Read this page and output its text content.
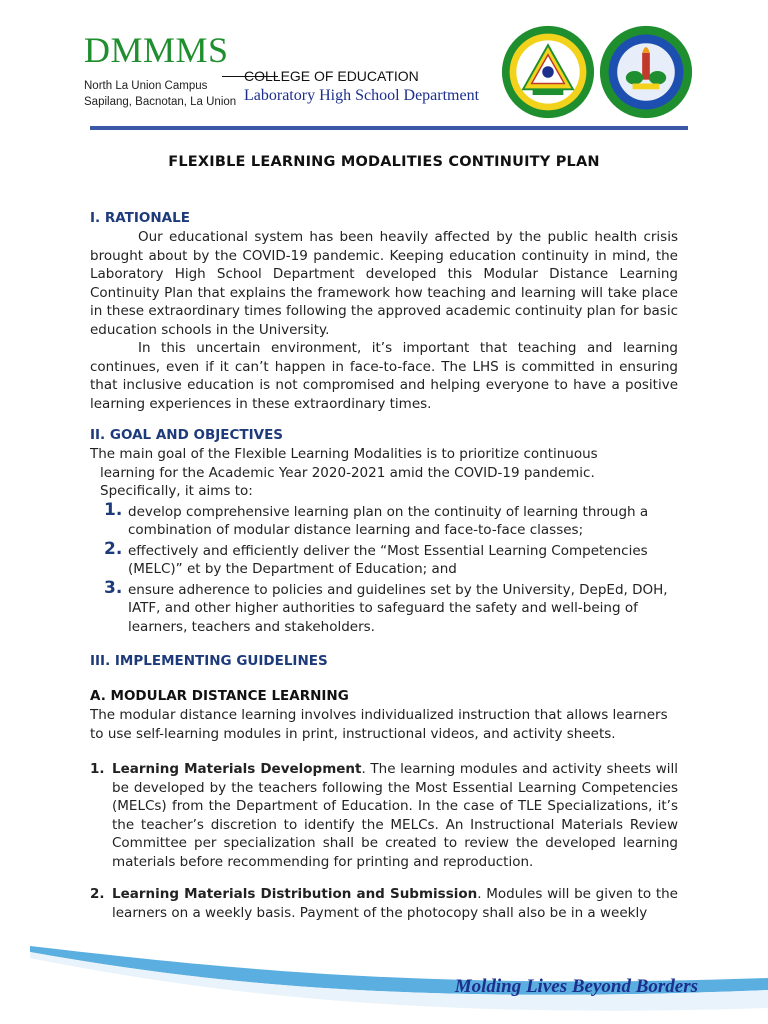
DMMMS
North La Union Campus
Sapilang, Bacnotan, La Union
COLLEGE OF EDUCATION
Laboratory High School Department
FLEXIBLE LEARNING MODALITIES CONTINUITY PLAN
I. RATIONALE

Our educational system has been heavily affected by the public health crisis brought about by the COVID-19 pandemic. Keeping education continuity in mind, the Laboratory High School Department developed this Modular Distance Learning Continuity Plan that explains the framework how teaching and learning will take place in these extraordinary times following the approved academic continuity plan for basic education schools in the University.

In this uncertain environment, it’s important that teaching and learning continues, even if it can’t happen in face-to-face. The LHS is committed in ensuring that inclusive education is not compromised and helping everyone to have a positive learning experiences in these extraordinary times.

II. GOAL AND OBJECTIVES

The main goal of the Flexible Learning Modalities is to prioritize continuous learning for the Academic Year 2020-2021 amid the COVID-19 pandemic.

Specifically, it aims to:

1. develop comprehensive learning plan on the continuity of learning through a combination of modular distance learning and face-to-face classes;
2. effectively and efficiently deliver the “Most Essential Learning Competencies (MELC)” et by the Department of Education; and
3. ensure adherence to policies and guidelines set by the University, DepEd, DOH, IATF, and other higher authorities to safeguard the safety and well-being of learners, teachers and stakeholders.
III. IMPLEMENTING GUIDELINES
A. MODULAR DISTANCE LEARNING
The modular distance learning involves individualized instruction that allows learners to use self-learning modules in print, instructional videos, and activity sheets.
1. Learning Materials Development. The learning modules and activity sheets will be developed by the teachers following the Most Essential Learning Competencies (MELCs) from the Department of Education. In the case of TLE Specializations, it’s the teacher’s discretion to identify the MELCs. An Instructional Materials Review Committee per specialization shall be created to review the developed learning materials before recommending for printing and reproduction.
2. Learning Materials Distribution and Submission. Modules will be given to the learners on a weekly basis. Payment of the photocopy shall also be in a weekly
Molding Lives Beyond Borders
